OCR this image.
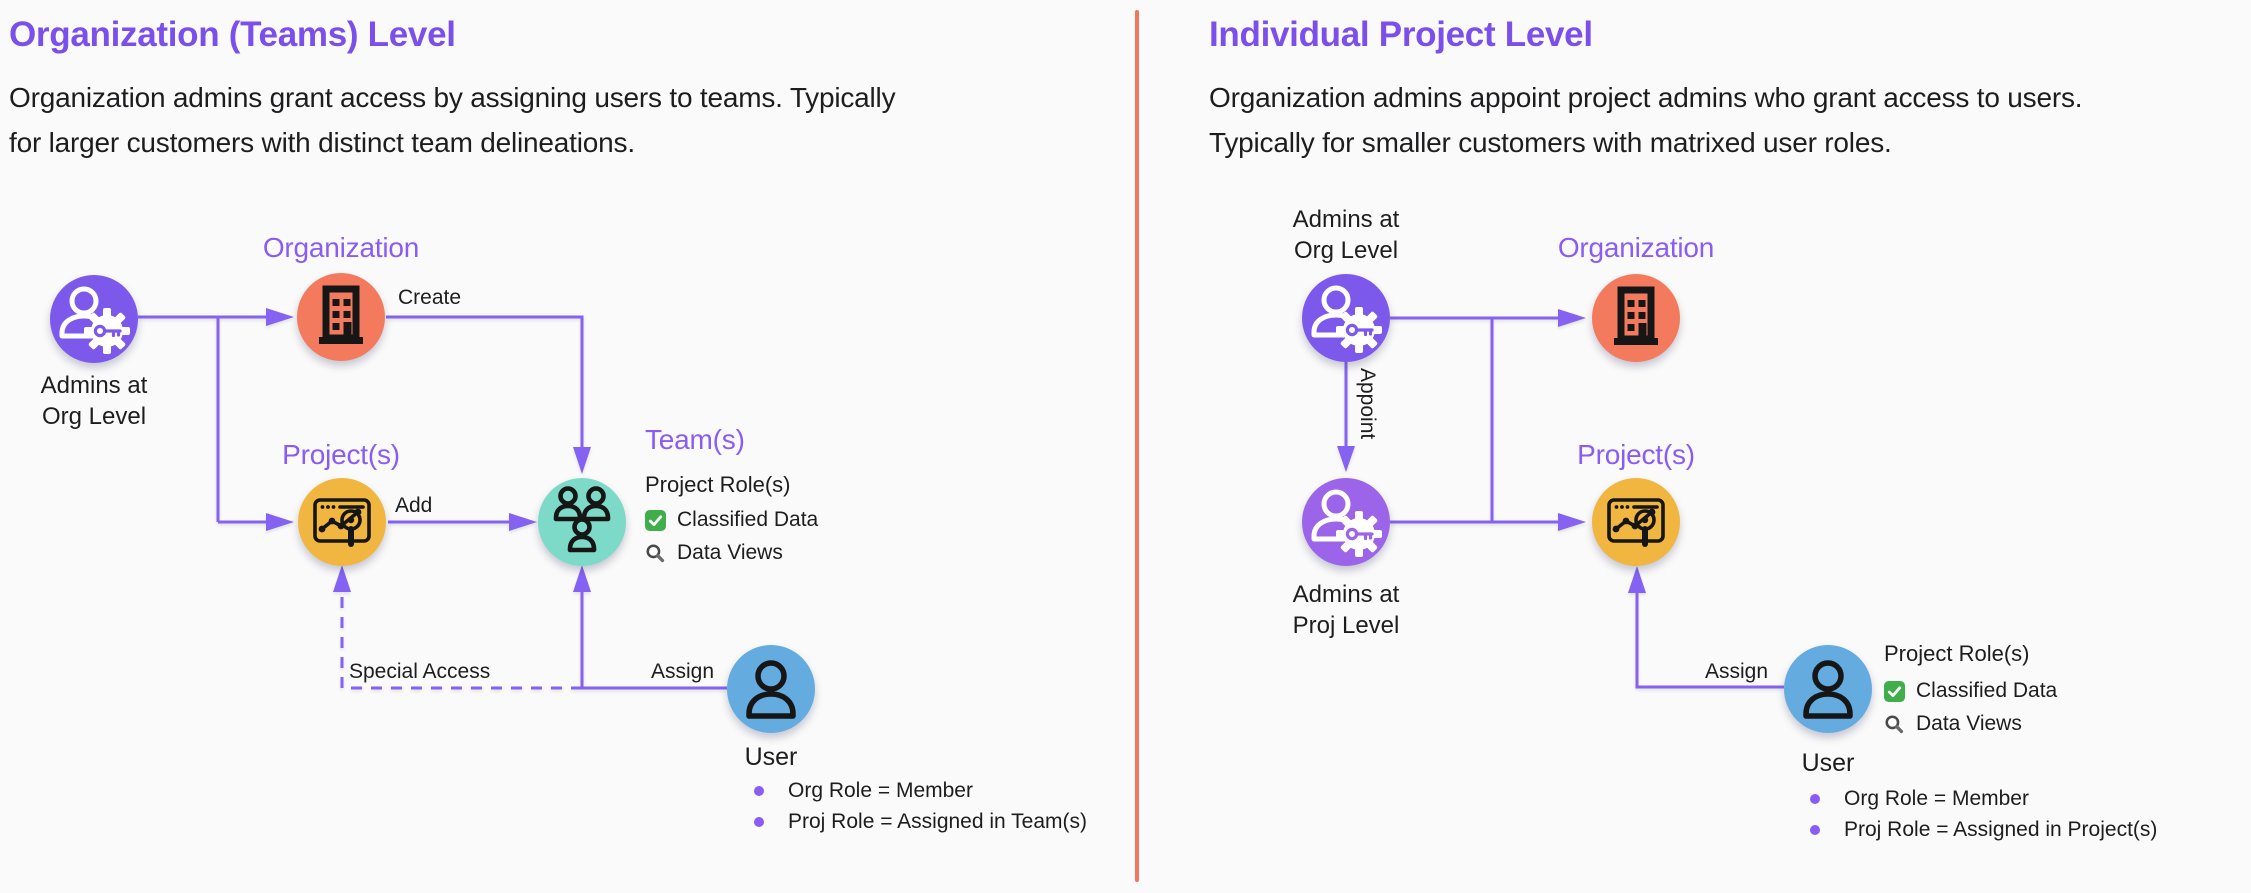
Organization (Teams) Level
Organization admins grant access by assigning users to teams. Typically
for larger customers with distinct team delineations.
Admins at
Org Level
Organization
Create
Project(s)
Add
Team(s)
Project Role(s)
Classified Data
Data Views
Special Access	Assign
User
Org Role = Member
Proj Role = Assigned in Team(s)
Individual Project Level
Organization admins appoint project admins who grant access to users.
Typically for smaller customers with matrixed user roles.
Admins at
Org Level
Appoint
Organization
Admins at
Proj Level
Project(s)
Assign
User
Project Role(s)
Classified Data
Data Views
Org Role = Member
Proj Role = Assigned in Project(s)
